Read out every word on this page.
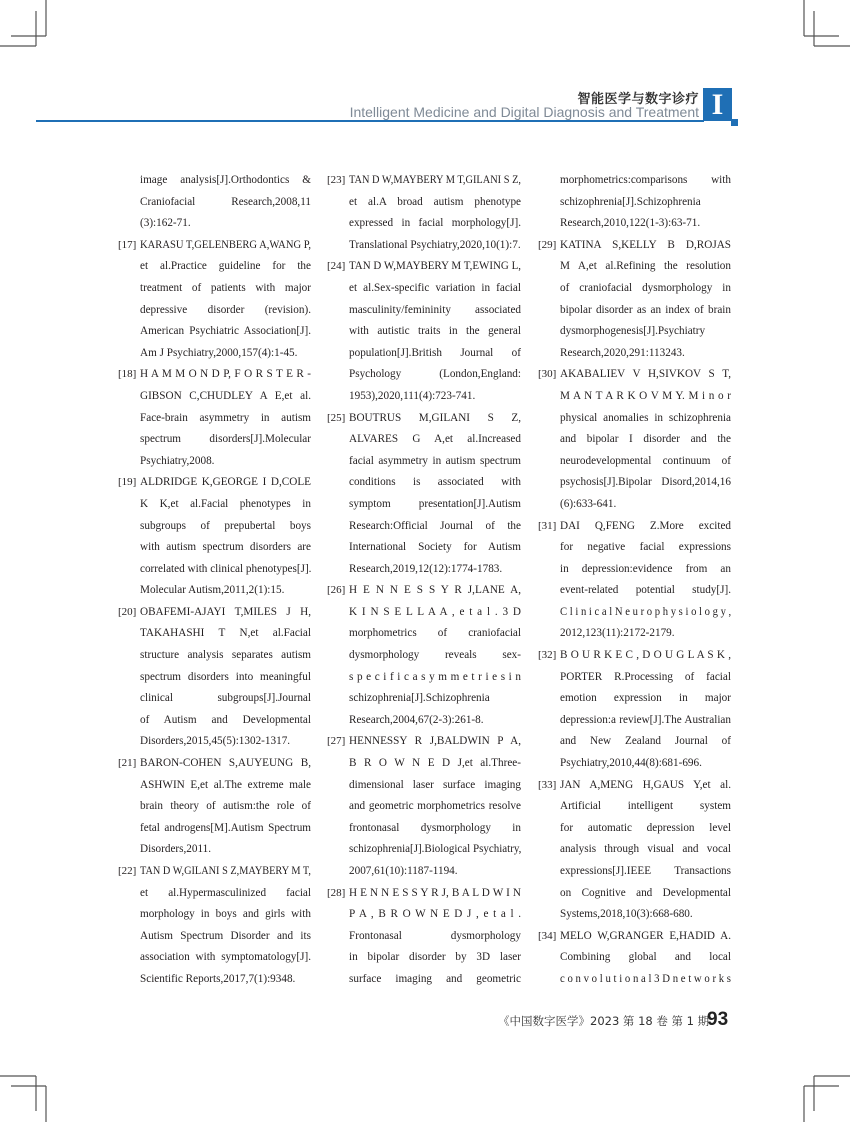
智能医学与数字诊疗
Intelligent Medicine and Digital Diagnosis and Treatment I
image analysis[J].Orthodontics &
Craniofacial Research,2008,11
(3):162-71.
[17] KARASU T,GELENBERG A,WANG P,
et al.Practice guideline for the
treatment of patients with major
depressive disorder (revision).
American Psychiatric Association[J].
Am J Psychiatry,2000,157(4):1-45.
[18] H A M M O N D P, F O R S T E R -
GIBSON C,CHUDLEY A E,et al.
Face-brain asymmetry in autism
spectrum disorders[J].Molecular
Psychiatry,2008.
[19] ALDRIDGE K,GEORGE I D,COLE
K K,et al.Facial phenotypes in
subgroups of prepubertal boys
with autism spectrum disorders are
correlated with clinical phenotypes[J].
Molecular Autism,2011,2(1):15.
[20] OBAFEMI-AJAYI T,MILES J H,
TAKAHASHI T N,et al.Facial
structure analysis separates autism
spectrum disorders into meaningful
clinical subgroups[J].Journal
of Autism and Developmental
Disorders,2015,45(5):1302-1317.
[21] BARON-COHEN S,AUYEUNG B,
ASHWIN E,et al.The extreme male
brain theory of autism:the role of
fetal androgens[M].Autism Spectrum
Disorders,2011.
[22] TAN D W,GILANI S Z,MAYBERY M T,
et al.Hypermasculinized facial
morphology in boys and girls with
Autism Spectrum Disorder and its
association with symptomatology[J].
Scientific Reports,2017,7(1):9348.
[23] TAN D W,MAYBERY M T,GILANI S Z,
et al.A broad autism phenotype
expressed in facial morphology[J].
Translational Psychiatry,2020,10(1):7.
[24] TAN D W,MAYBERY M T,EWING L,
et al.Sex-specific variation in facial
masculinity/femininity associated
with autistic traits in the general
population[J].British Journal of
Psychology (London,England:
1953),2020,111(4):723-741.
[25] BOUTRUS M,GILANI S Z,
ALVARES G A,et al.Increased
facial asymmetry in autism spectrum
conditions is associated with
symptom presentation[J].Autism
Research:Official Journal of the
International Society for Autism
Research,2019,12(12):1774-1783.
[26] H E N N E S S Y R J,LANE A,
K I N S E L L A A , e t a l . 3 D
morphometrics of craniofacial
dysmorphology reveals sex-
s p e c i f i c a s y m m e t r i e s i n
schizophrenia[J].Schizophrenia
Research,2004,67(2-3):261-8.
[27] HENNESSY R J,BALDWIN P A,
B R O W N E D J,et al.Three-
dimensional laser surface imaging
and geometric morphometrics resolve
frontonasal dysmorphology in
schizophrenia[J].Biological Psychiatry,
2007,61(10):1187-1194.
[28] H E N N E S S Y R J, B A L D W I N
P A , B R O W N E D J , e t a l .
Frontonasal dysmorphology
in bipolar disorder by 3D laser
surface imaging and geometric
morphometrics:comparisons with
schizophrenia[J].Schizophrenia
Research,2010,122(1-3):63-71.
[29] KATINA S,KELLY B D,ROJAS
M A,et al.Refining the resolution
of craniofacial dysmorphology in
bipolar disorder as an index of brain
dysmorphogenesis[J].Psychiatry
Research,2020,291:113243.
[30] AKABALIEV V H,SIVKOV S T,
M A N T A R K O V M Y. M i n o r
physical anomalies in schizophrenia
and bipolar I disorder and the
neurodevelopmental continuum of
psychosis[J].Bipolar Disord,2014,16
(6):633-641.
[31] DAI Q,FENG Z.More excited
for negative facial expressions
in depression:evidence from an
event-related potential study[J].
C l i n i c a l N e u r o p h y s i o l o g y ,
2012,123(11):2172-2179.
[32] B O U R K E C , D O U G L A S K ,
PORTER R.Processing of facial
emotion expression in major
depression:a review[J].The Australian
and New Zealand Journal of
Psychiatry,2010,44(8):681-696.
[33] JAN A,MENG H,GAUS Y,et al.
Artificial intelligent system
for automatic depression level
analysis through visual and vocal
expressions[J].IEEE Transactions
on Cognitive and Developmental
Systems,2018,10(3):668-680.
[34] MELO W,GRANGER E,HADID A.
Combining global and local
c o n v o l u t i o n a l 3 D n e t w o r k s
《中国数字医学》2023 第 18 卷 第 1 期
93
